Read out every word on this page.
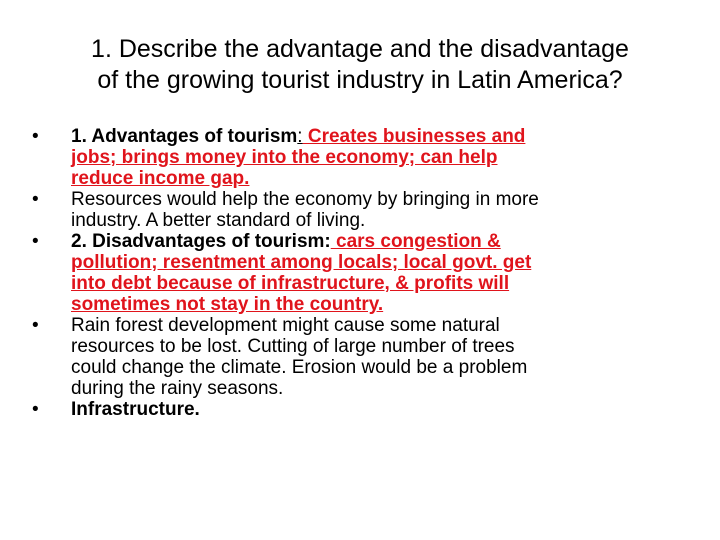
1. Describe the advantage and the disadvantage
of the growing tourist industry in Latin America?
• 1. Advantages of tourism: Creates businesses and
jobs; brings money into the economy; can help
reduce income gap.
• Resources would help the economy by bringing in more
industry. A better standard of living.
• 2. Disadvantages of tourism: cars congestion &
pollution; resentment among locals; local govt. get
into debt because of infrastructure, & profits will
sometimes not stay in the country.
• Rain forest development might cause some natural
resources to be lost. Cutting of large number of trees
could change the climate. Erosion would be a problem
during the rainy seasons.
• Infrastructure.
